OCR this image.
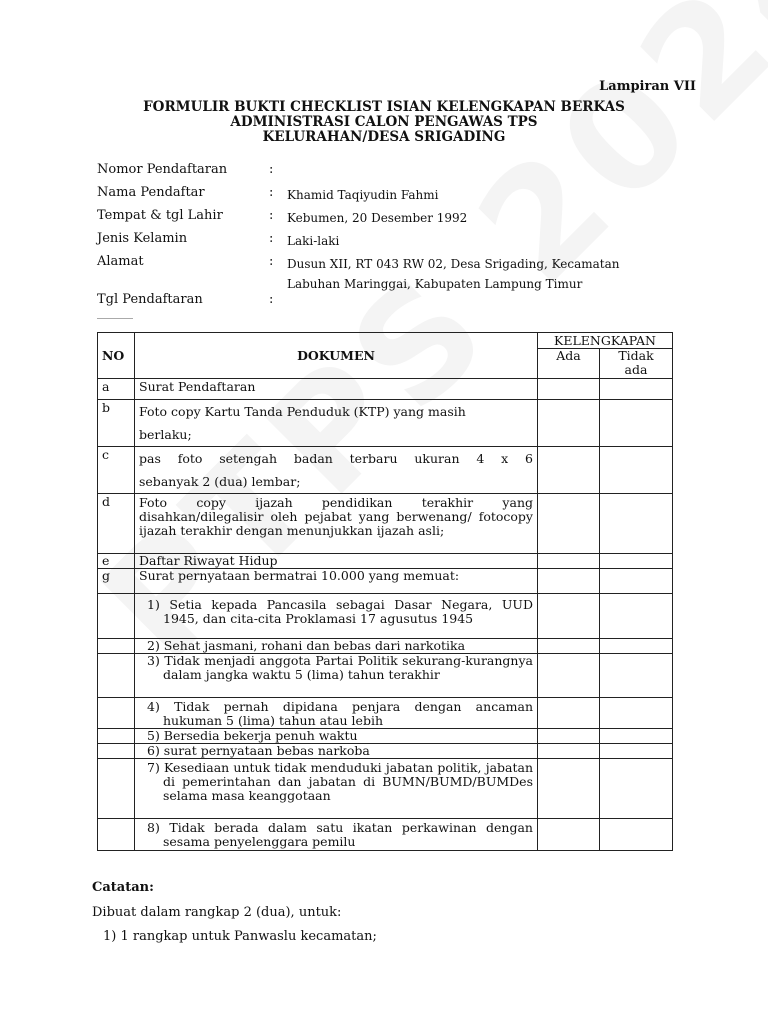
Lampiran VII
FORMULIR BUKTI CHECKLIST ISIAN KELENGKAPAN BERKAS
ADMINISTRASI CALON PENGAWAS TPS
KELURAHAN/DESA SRIGADING
Nomor Pendaftaran	:
Nama Pendaftar	: Khamid Taqiyudin Fahmi
Tempat & tgl Lahir	: Kebumen, 20 Desember 1992
Jenis Kelamin	: Laki-laki
Alamat	: Dusun XII, RT 043 RW 02, Desa Srigading, Kecamatan
Labuhan Maringgai, Kabupaten Lampung Timur
Tgl Pendaftaran	:
NO	DOKUMEN	KELENGKAPAN	
		Ada	Tidak
ada

a	Surat Pendaftaran		
b	Foto copy Kartu Tanda Penduduk (KTP) yang masih
berlaku;		

c	pas foto setengah badan terbaru ukuran 4 x 6
sebanyak 2 (dua) lembar;		

d	Foto copy ijazah pendidikan terakhir yang disahkan/dilegalisir oleh pejabat yang berwenang/ fotocopy ijazah terakhir dengan menunjukkan ijazah asli;		
e	Daftar Riwayat Hidup		
g	Surat pernyataan bermatrai 10.000 yang memuat:		
	1) Setia kepada Pancasila sebagai Dasar Negara, UUD 1945, dan cita-cita Proklamasi 17 agusutus 1945		
	2) Sehat jasmani, rohani dan bebas dari narkotika		
	3) Tidak menjadi anggota Partai Politik sekurang-kurangnya dalam jangka waktu 5 (lima) tahun terakhir		
	4) Tidak pernah dipidana penjara dengan ancaman hukuman 5 (lima) tahun atau lebih		
	5) Bersedia bekerja penuh waktu		
	6) surat pernyataan bebas narkoba		
	7) Kesediaan untuk tidak menduduki jabatan politik, jabatan di pemerintahan dan jabatan di BUMN/BUMD/BUMDes selama masa keanggotaan		
	8) Tidak berada dalam satu ikatan perkawinan dengan sesama penyelenggara pemilu		
Catatan:
Dibuat dalam rangkap 2 (dua), untuk:
1) 1 rangkap untuk Panwaslu kecamatan;
